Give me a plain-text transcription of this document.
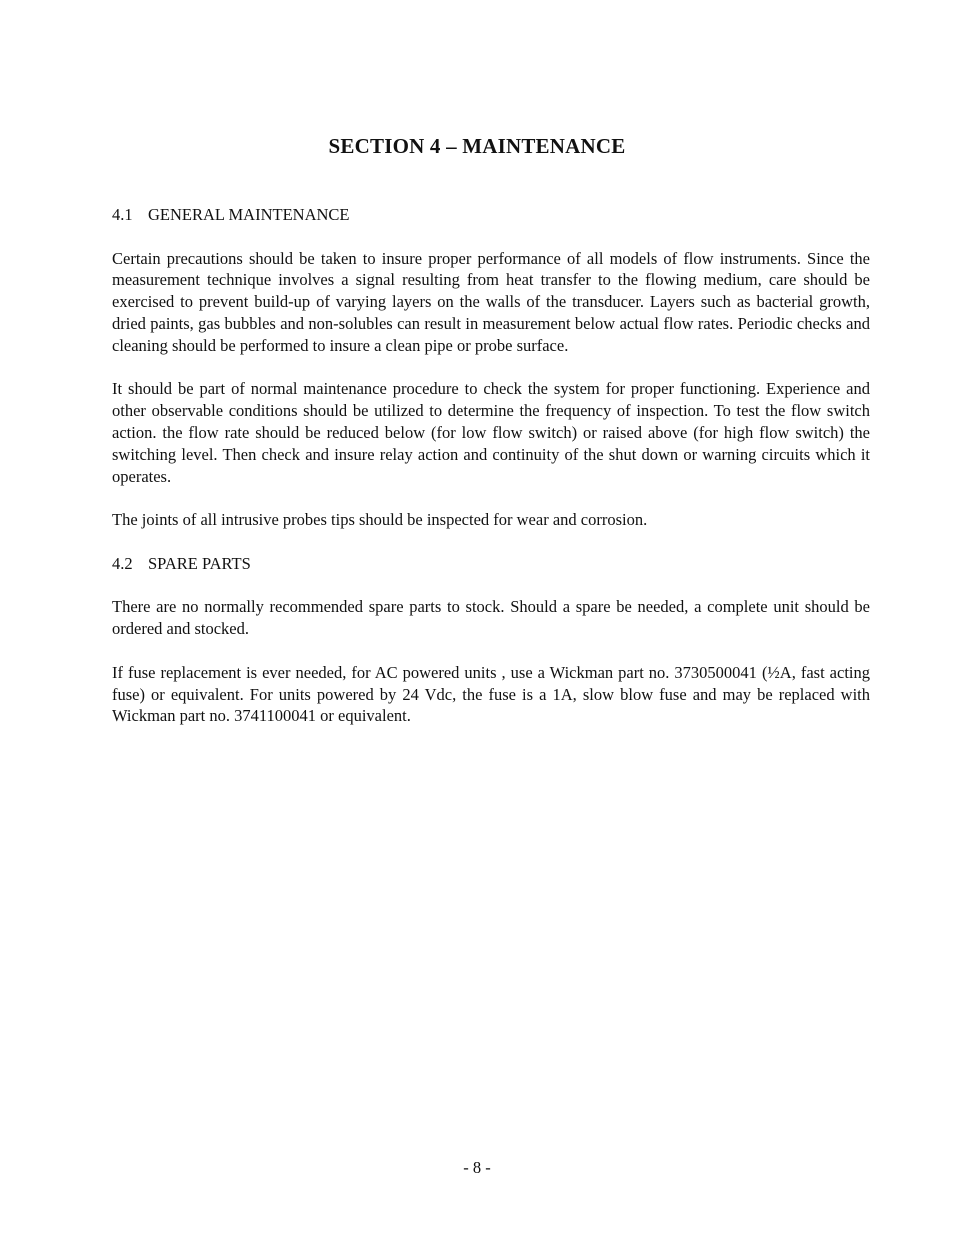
SECTION 4 – MAINTENANCE
4.1 GENERAL MAINTENANCE

Certain precautions should be taken to insure proper performance of all models of flow instruments. Since the measurement technique involves a signal resulting from heat transfer to the flowing medium, care should be exercised to prevent build-up of varying layers on the walls of the transducer. Layers such as bacterial growth, dried paints, gas bubbles and non-solubles can result in measurement below actual flow rates. Periodic checks and cleaning should be performed to insure a clean pipe or probe surface.

It should be part of normal maintenance procedure to check the system for proper functioning. Experience and other observable conditions should be utilized to determine the frequency of inspection. To test the flow switch action. the flow rate should be reduced below (for low flow switch) or raised above (for high flow switch) the switching level. Then check and insure relay action and continuity of the shut down or warning circuits which it operates.

The joints of all intrusive probes tips should be inspected for wear and corrosion.

4.2 SPARE PARTS

There are no normally recommended spare parts to stock. Should a spare be needed, a complete unit should be ordered and stocked.

If fuse replacement is ever needed, for AC powered units , use a Wickman part no. 3730500041 (½A, fast acting fuse) or equivalent. For units powered by 24 Vdc, the fuse is a 1A, slow blow fuse and may be replaced with Wickman part no. 3741100041 or equivalent.

- 8 -
